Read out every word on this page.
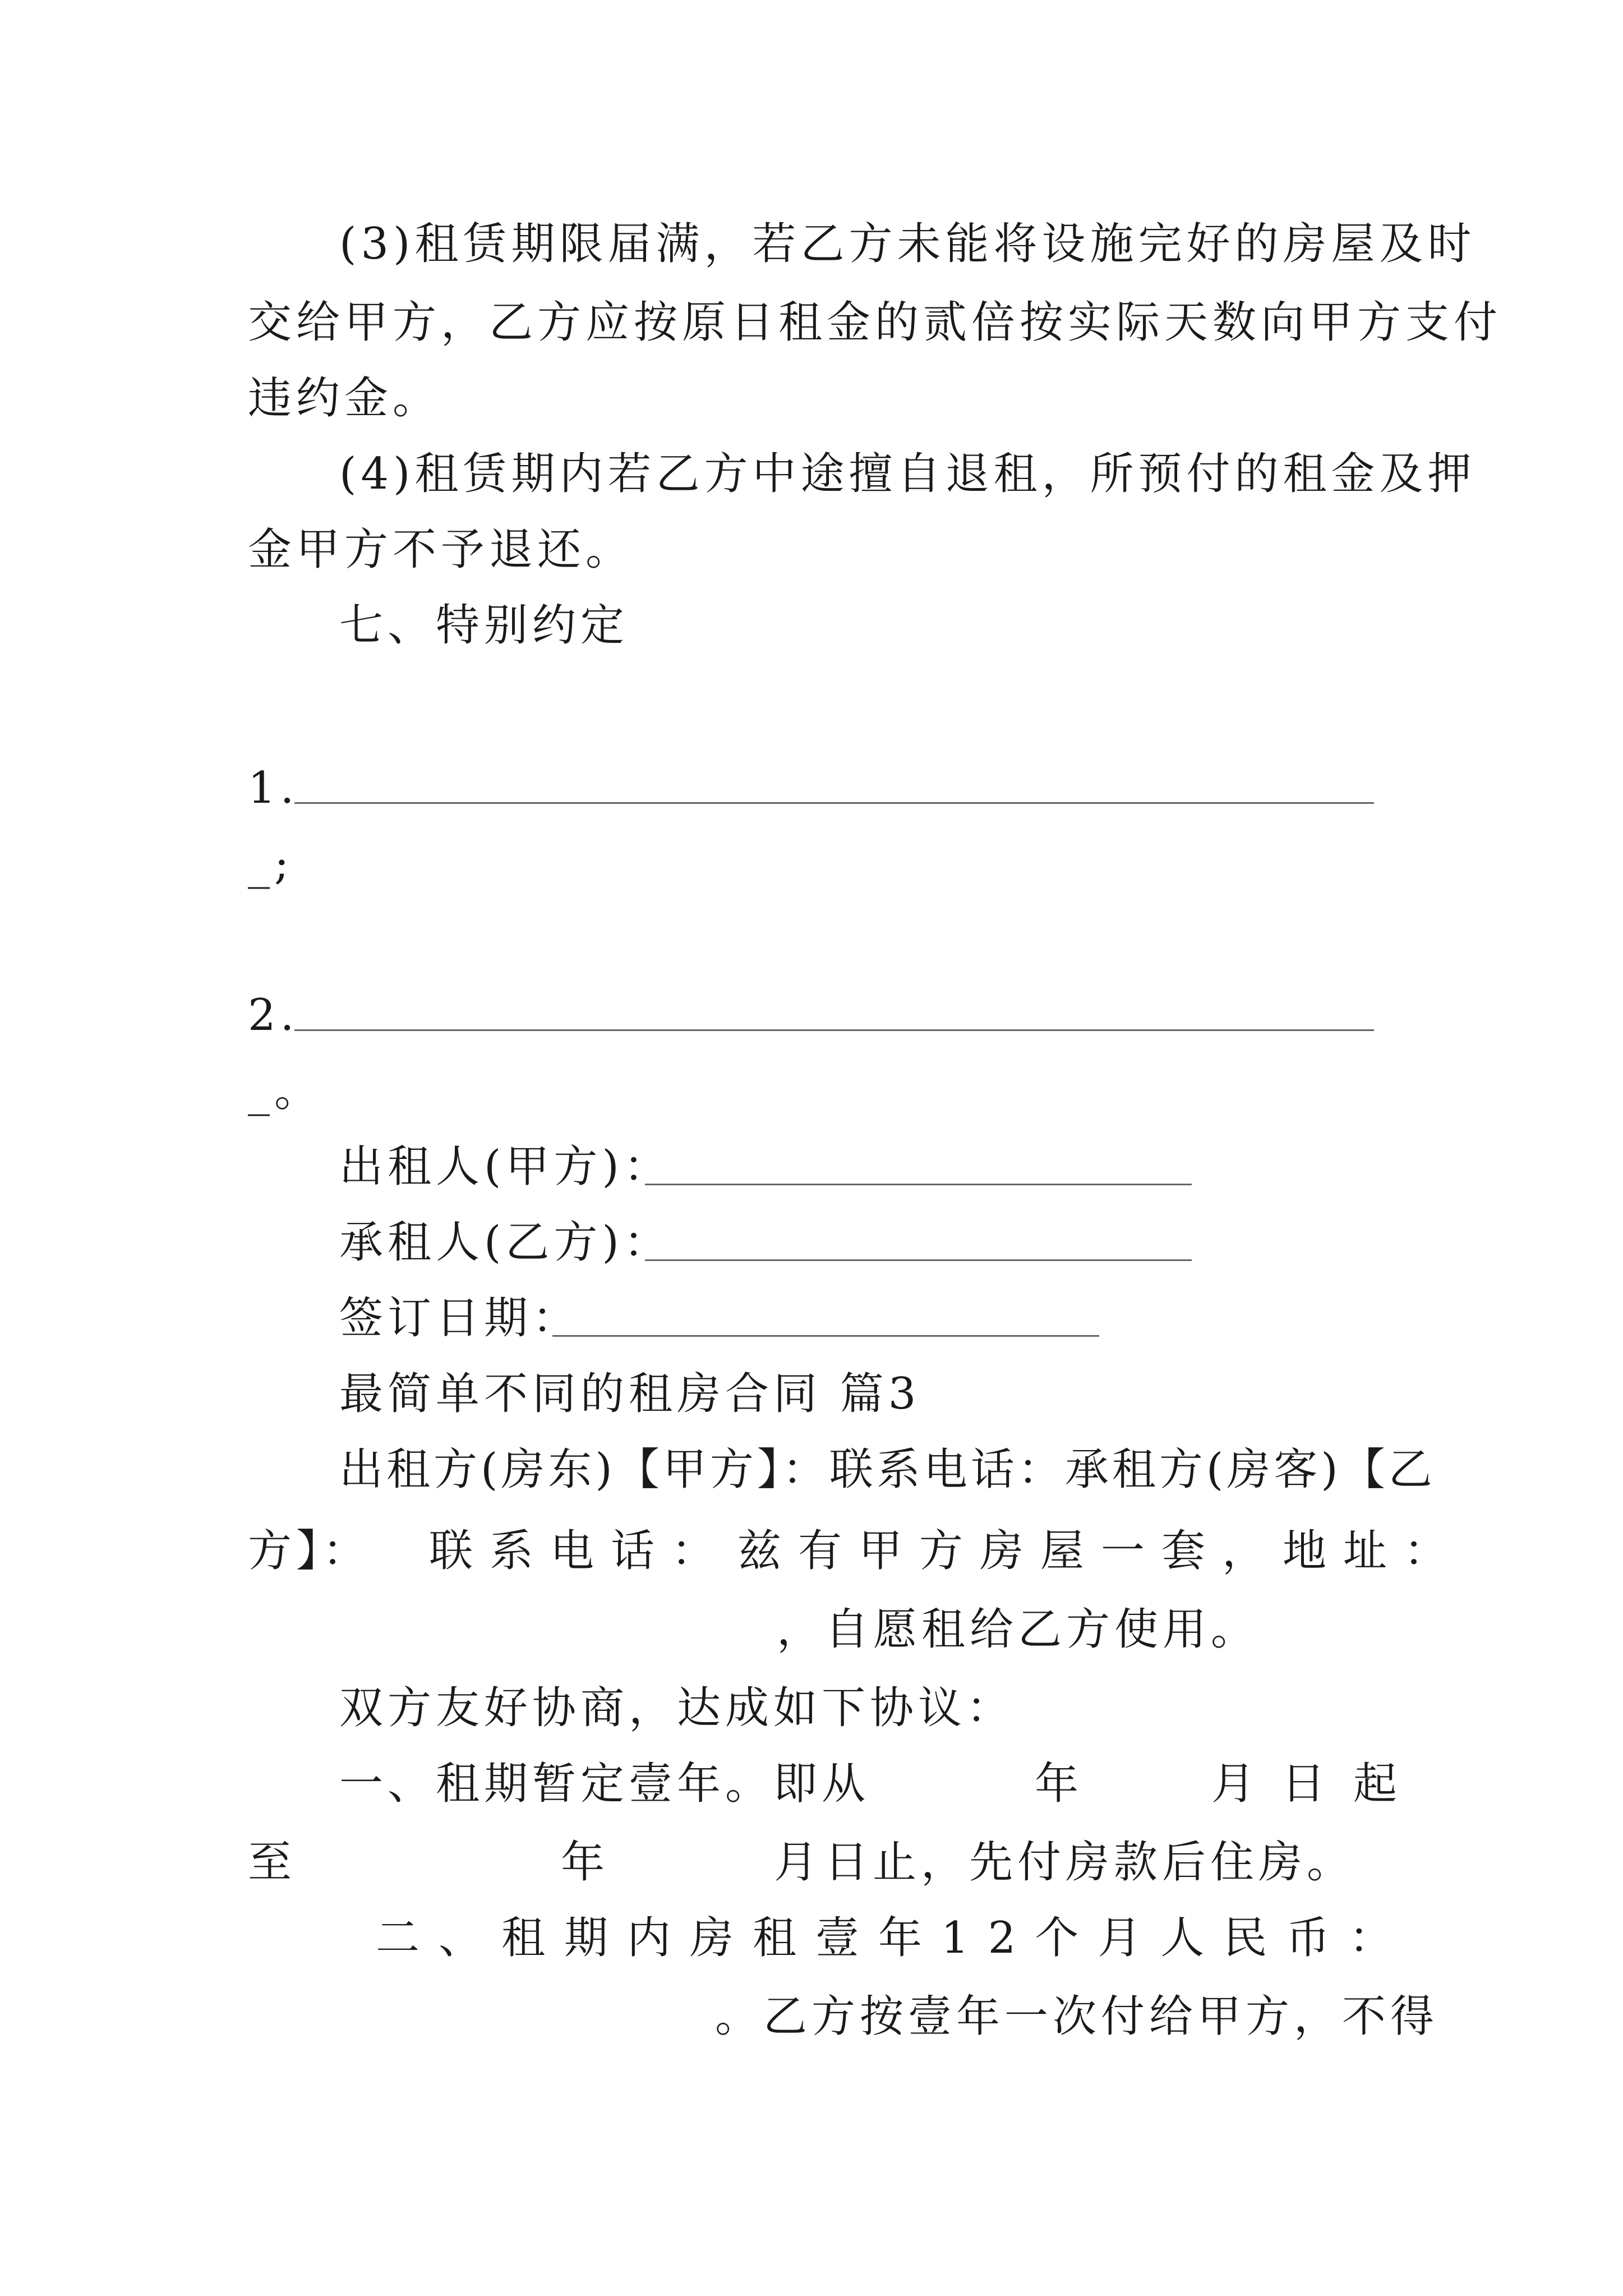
(3)租赁期限届满，若乙方未能将设施完好的房屋及时
交给甲方，乙方应按原日租金的贰倍按实际天数向甲方支付
违约金。
(4)租赁期内若乙方中途擅自退租，所预付的租金及押
金甲方不予退还。
七、特别约定
1.
_;
2.
_。
出租人(甲方)：
承租人(乙方)：
签订日期：
最简单不同的租房合同 篇3
出租方(房东)【甲方】：联系电话：承租方(房客)【乙
方】： 联系电话： 兹有甲方房屋一套，地址：
，自愿租给乙方使用。
双方友好协商，达成如下协议：
一、租期暂定壹年。即从	年	月 日起
至	年	月 日止，先付房款后住房。
二、租期内房租壹年12个月人民币：
。乙方按壹年一次付给甲方，不得
